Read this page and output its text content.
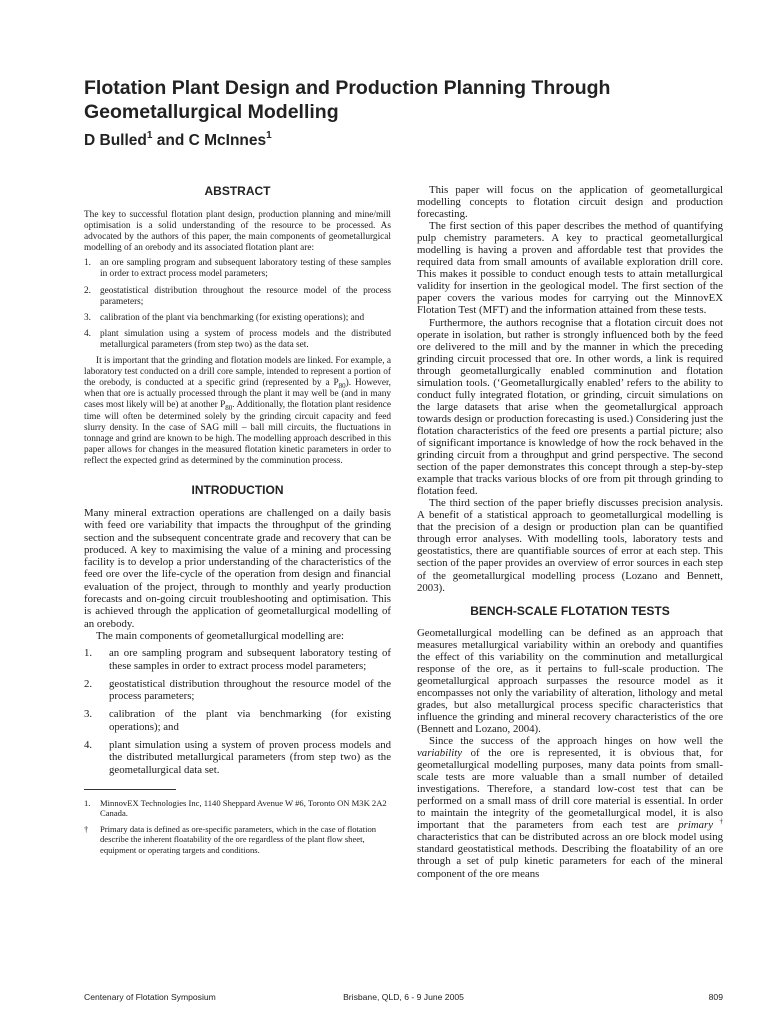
Flotation Plant Design and Production Planning Through Geometallurgical Modelling
D Bulled$^1$ and C McInnes$^1$
ABSTRACT

The key to successful flotation plant design, production planning and mine/mill optimisation is a solid understanding of the resource to be processed. As advocated by the authors of this paper, the main components of geometallurgical modelling of an orebody and its associated flotation plant are:

1. an ore sampling program and subsequent laboratory testing of these samples in order to extract process model parameters;
2. geostatistical distribution throughout the resource model of the process parameters;
3. calibration of the plant via benchmarking (for existing operations); and
4. plant simulation using a system of process models and the distributed metallurgical parameters (from step two) as the data set.

It is important that the grinding and flotation models are linked. For example, a laboratory test conducted on a drill core sample, intended to represent a portion of the orebody, is conducted at a specific grind (represented by a $P_{80}$). However, when that ore is actually processed through the plant it may well be (and in many cases most likely will be) at another $P_{80}$. Additionally, the flotation plant residence time will often be determined solely by the grinding circuit capacity and feed slurry density. In the case of SAG mill – ball mill circuits, the fluctuations in tonnage and grind are known to be high. The modelling approach described in this paper allows for changes in the measured flotation kinetic parameters in order to reflect the expected grind as determined by the comminution process.

INTRODUCTION

Many mineral extraction operations are challenged on a daily basis with feed ore variability that impacts the throughput of the grinding section and the subsequent concentrate grade and recovery that can be produced. A key to maximising the value of a mining and processing facility is to develop a prior understanding of the characteristics of the feed ore over the life-cycle of the operation from design and financial evaluation of the project, through to monthly and yearly production forecasts and on-going circuit troubleshooting and optimisation. This is achieved through the application of geometallurgical modelling of an orebody.

The main components of geometallurgical modelling are:

1.	an ore sampling program and subsequent laboratory testing of these samples in order to extract process model parameters;
2.	geostatistical distribution throughout the resource model of the process parameters;
3.	calibration of the plant via benchmarking (for existing operations); and
4.	plant simulation using a system of proven process models and the distributed metallurgical parameters (from step two) as the geometallurgical data set.
1.	MinnovEX Technologies Inc, 1140 Sheppard Avenue W #6, Toronto ON M3K 2A2 Canada.
†	Primary data is defined as ore-specific parameters, which in the case of flotation describe the inherent floatability of the ore regardless of the plant flow sheet, equipment or operating targets and conditions.

This paper will focus on the application of geometallurgical modelling concepts to flotation circuit design and production forecasting.

The first section of this paper describes the method of quantifying pulp chemistry parameters. A key to practical geometallurgical modelling is having a proven and affordable test that provides the required data from small amounts of available exploration drill core. This makes it possible to conduct enough tests to attain metallurgical validity for insertion in the geological model. The first section of the paper covers the various modes for carrying out the MinnovEX Flotation Test (MFT) and the information attained from these tests.

Furthermore, the authors recognise that a flotation circuit does not operate in isolation, but rather is strongly influenced both by the feed ore delivered to the mill and by the manner in which the preceding grinding circuit processed that ore. In other words, a link is required through geometallurgically enabled comminution and flotation simulation tools. (‘Geometallurgically enabled’ refers to the ability to conduct fully integrated flotation, or grinding, circuit simulations on the large datasets that arise when the geometallurgical approach towards design or production forecasting is used.) Considering just the flotation characteristics of the feed ore presents a partial picture; also of significant importance is knowledge of how the rock behaved in the grinding circuit from a throughput and grind perspective. The second section of the paper demonstrates this concept through a step-by-step example that tracks various blocks of ore from pit through grinding to flotation feed.

The third section of the paper briefly discusses precision analysis. A benefit of a statistical approach to geometallurgical modelling is that the precision of a design or production plan can be quantified through error analyses. With modelling tools, laboratory tests and geostatistics, there are quantifiable sources of error at each step. This section of the paper provides an overview of error sources in each step of the geometallurgical modelling process (Lozano and Bennett, 2003).

BENCH-SCALE FLOTATION TESTS

Geometallurgical modelling can be defined as an approach that measures metallurgical variability within an orebody and quantifies the effect of this variability on the comminution and metallurgical response of the ore, as it pertains to full-scale production. The geometallurgical approach surpasses the resource model as it encompasses not only the variability of alteration, lithology and metal grades, but also metallurgical process specific characteristics that influence the grinding and mineral recovery characteristics of the ore (Bennett and Lozano, 2004).

Since the success of the approach hinges on how well the variability of the ore is represented, it is obvious that, for geometallurgical modelling purposes, many data points from small-scale tests are more valuable than a small number of detailed investigations. Therefore, a standard low-cost test that can be performed on a small mass of drill core material is essential. In order to maintain the integrity of the geometallurgical model, it is also important that the parameters from each test are primary† characteristics that can be distributed across an ore block model using standard geostatistical methods. Describing the floatability of an ore through a set of pulp kinetic parameters for each of the mineral component of the ore means

Centenary of Flotation Symposium	Brisbane, QLD, 6 - 9 June 2005	809
